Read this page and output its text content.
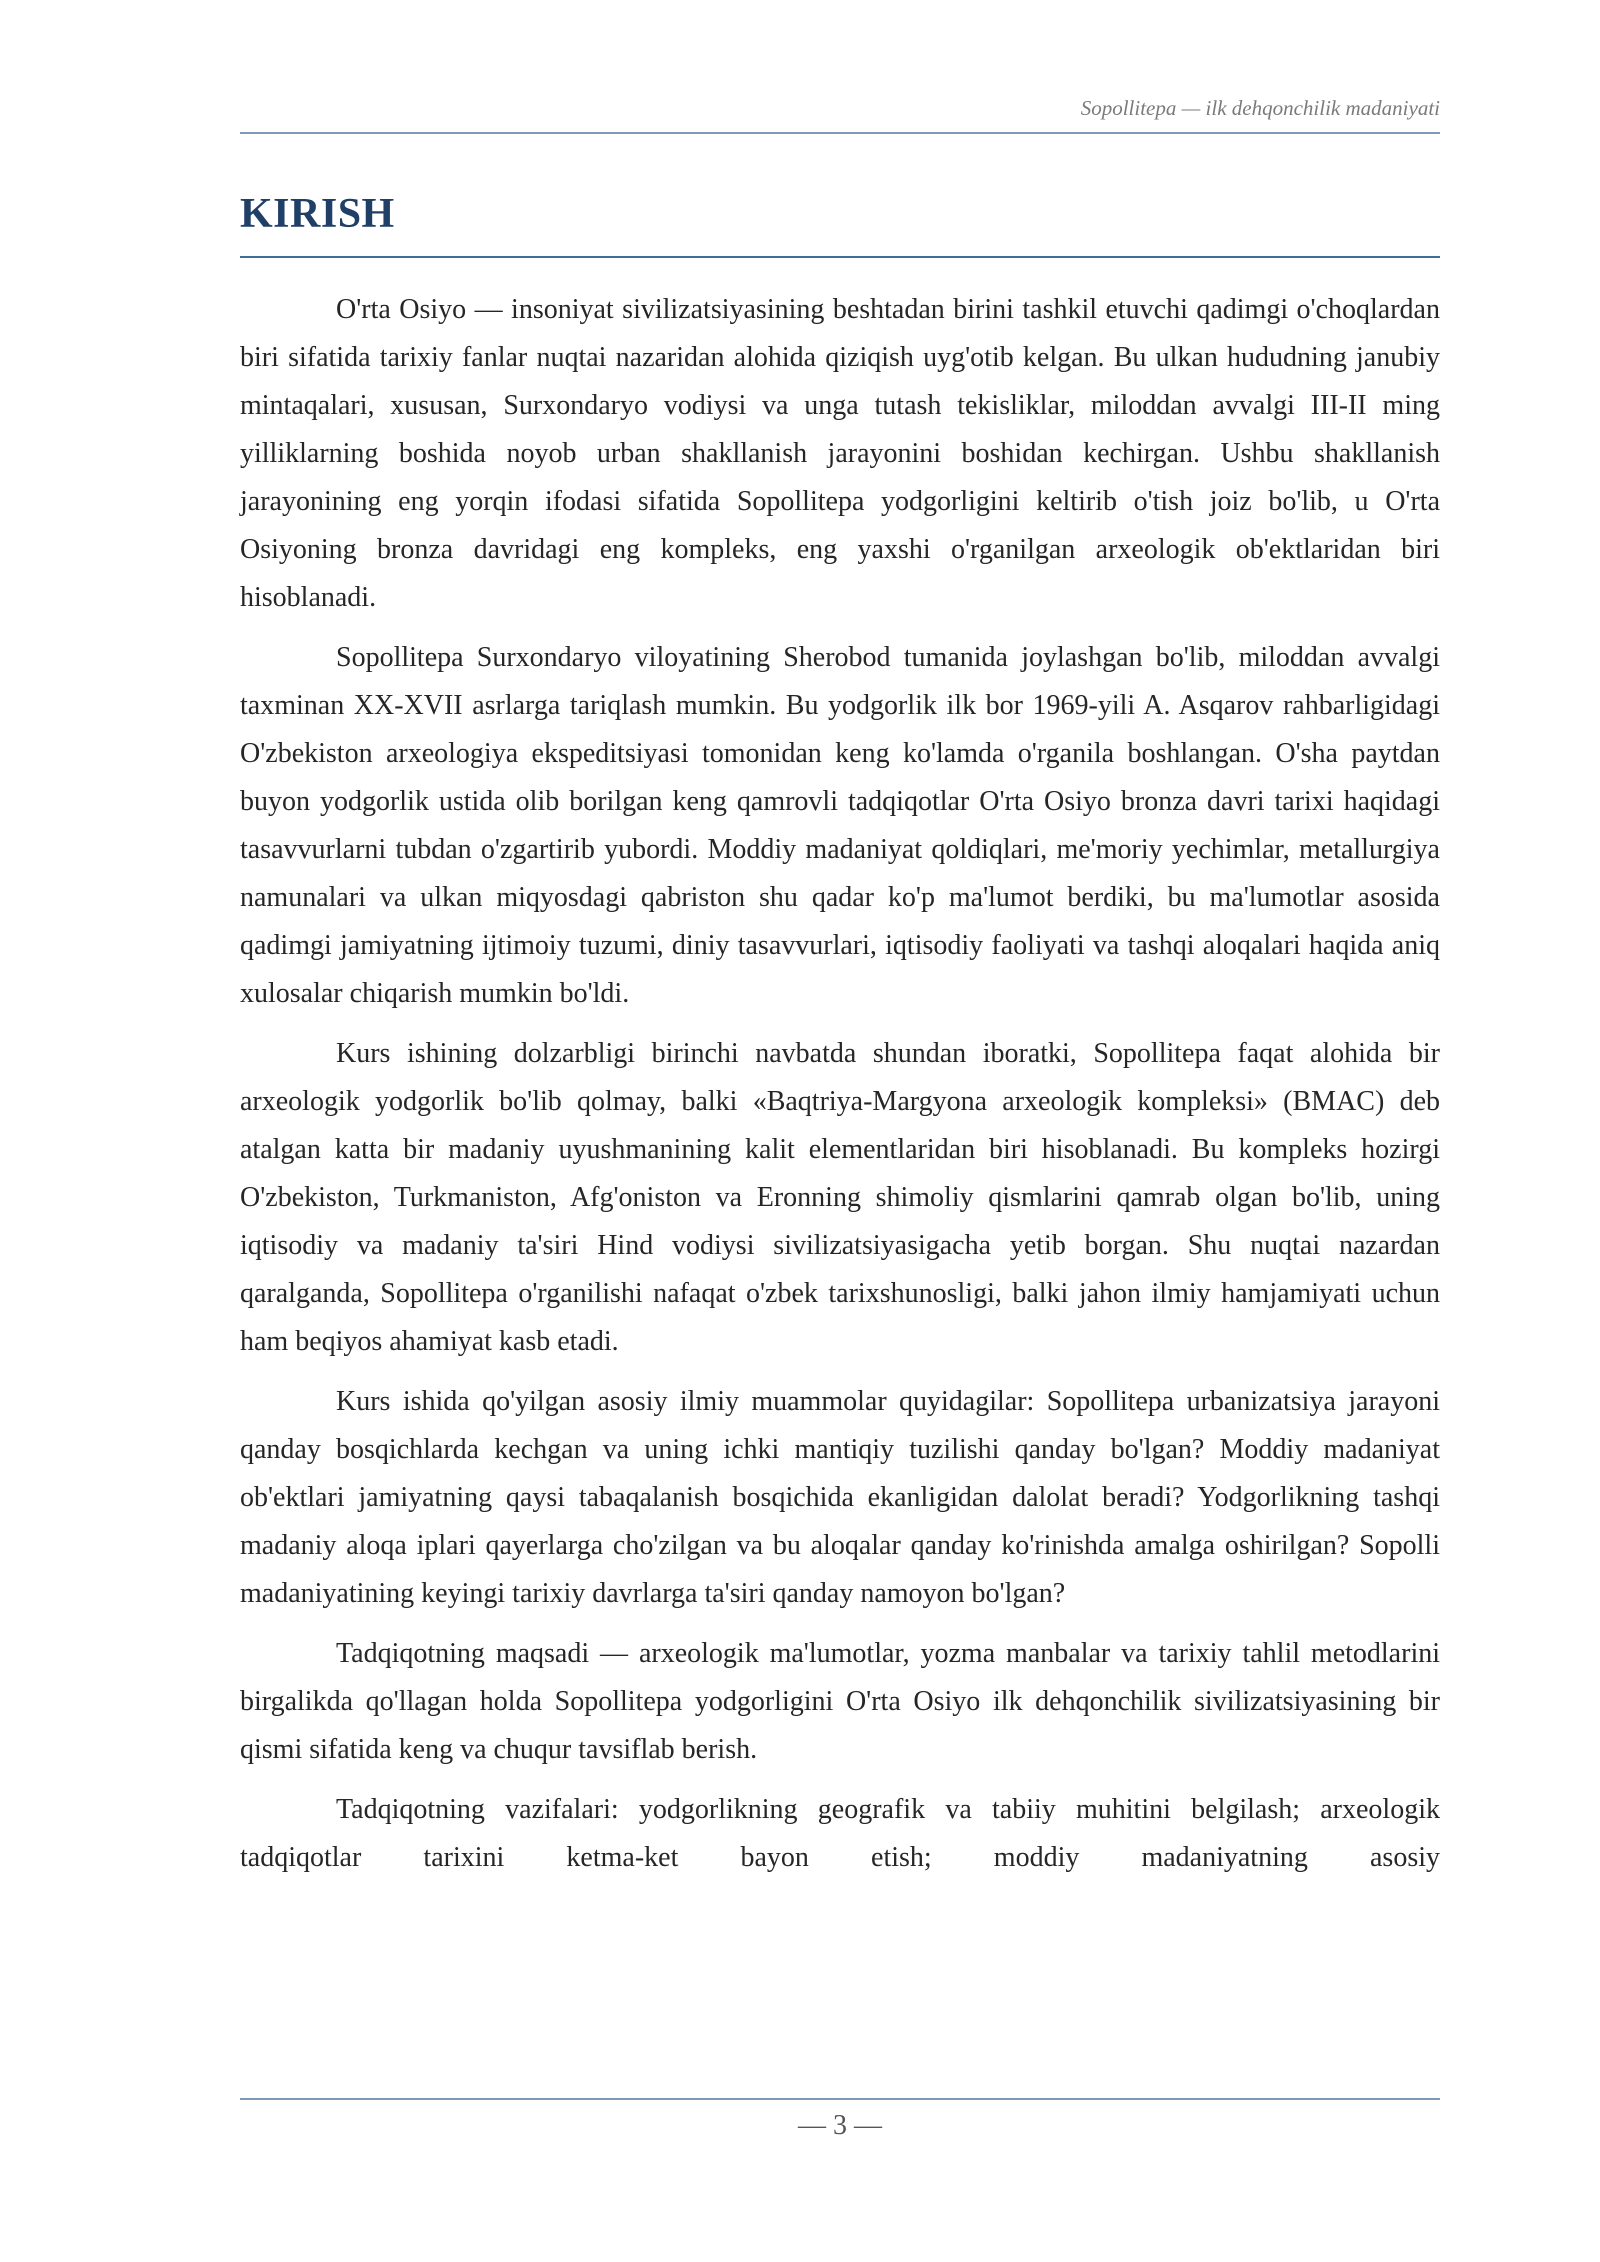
Sopollitepa — ilk dehqonchilik madaniyati
KIRISH

O'rta Osiyo — insoniyat sivilizatsiyasining beshtadan birini tashkil etuvchi qadimgi o'choqlardan biri sifatida tarixiy fanlar nuqtai nazaridan alohida qiziqish uyg'otib kelgan. Bu ulkan hududning janubiy mintaqalari, xususan, Surxondaryo vodiysi va unga tutash tekisliklar, miloddan avvalgi III-II ming yilliklarning boshida noyob urban shakllanish jarayonini boshidan kechirgan. Ushbu shakllanish jarayonining eng yorqin ifodasi sifatida Sopollitepa yodgorligini keltirib o'tish joiz bo'lib, u O'rta Osiyoning bronza davridagi eng kompleks, eng yaxshi o'rganilgan arxeologik ob'ektlaridan biri hisoblanadi.

Sopollitepa Surxondaryo viloyatining Sherobod tumanida joylashgan bo'lib, miloddan avvalgi taxminan XX-XVII asrlarga tariqlash mumkin. Bu yodgorlik ilk bor 1969-yili A. Asqarov rahbarligidagi O'zbekiston arxeologiya ekspeditsiyasi tomonidan keng ko'lamda o'rganila boshlangan. O'sha paytdan buyon yodgorlik ustida olib borilgan keng qamrovli tadqiqotlar O'rta Osiyo bronza davri tarixi haqidagi tasavvurlarni tubdan o'zgartirib yubordi. Moddiy madaniyat qoldiqlari, me'moriy yechimlar, metallurgiya namunalari va ulkan miqyosdagi qabriston shu qadar ko'p ma'lumot berdiki, bu ma'lumotlar asosida qadimgi jamiyatning ijtimoiy tuzumi, diniy tasavvurlari, iqtisodiy faoliyati va tashqi aloqalari haqida aniq xulosalar chiqarish mumkin bo'ldi.

Kurs ishining dolzarbligi birinchi navbatda shundan iboratki, Sopollitepa faqat alohida bir arxeologik yodgorlik bo'lib qolmay, balki «Baqtriya-Margyona arxeologik kompleksi» (BMAC) deb atalgan katta bir madaniy uyushmanining kalit elementlaridan biri hisoblanadi. Bu kompleks hozirgi O'zbekiston, Turkmaniston, Afg'oniston va Eronning shimoliy qismlarini qamrab olgan bo'lib, uning iqtisodiy va madaniy ta'siri Hind vodiysi sivilizatsiyasigacha yetib borgan. Shu nuqtai nazardan qaralganda, Sopollitepa o'rganilishi nafaqat o'zbek tarixshunosligi, balki jahon ilmiy hamjamiyati uchun ham beqiyos ahamiyat kasb etadi.

Kurs ishida qo'yilgan asosiy ilmiy muammolar quyidagilar: Sopollitepa urbanizatsiya jarayoni qanday bosqichlarda kechgan va uning ichki mantiqiy tuzilishi qanday bo'lgan? Moddiy madaniyat ob'ektlari jamiyatning qaysi tabaqalanish bosqichida ekanligidan dalolat beradi? Yodgorlikning tashqi madaniy aloqa iplari qayerlarga cho'zilgan va bu aloqalar qanday ko'rinishda amalga oshirilgan? Sopolli madaniyatining keyingi tarixiy davrlarga ta'siri qanday namoyon bo'lgan?

Tadqiqotning maqsadi — arxeologik ma'lumotlar, yozma manbalar va tarixiy tahlil metodlarini birgalikda qo'llagan holda Sopollitepa yodgorligini O'rta Osiyo ilk dehqonchilik sivilizatsiyasining bir qismi sifatida keng va chuqur tavsiflab berish.

Tadqiqotning vazifalari: yodgorlikning geografik va tabiiy muhitini belgilash; arxeologik tadqiqotlar tarixini ketma-ket bayon etish; moddiy madaniyatning asosiy

— 3 —
